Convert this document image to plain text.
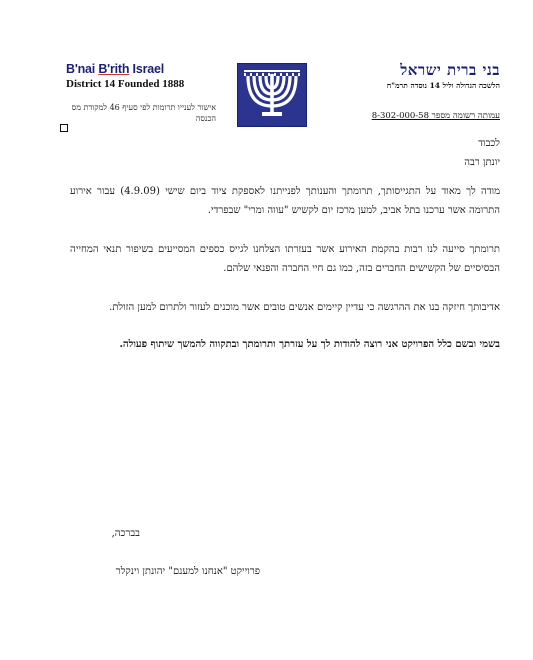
B'nai B'rith Israel
District 14 Founded 1888
אישור לענייו תרומות לפי סעיף 46 למקודת מס הכנסה
בני ברית ישראל
הלשכה הגדולה וליל 14 נוסדה תרמ"ח
עמותה רשומה מספר 8-302-000-58

לכבוד

יונתן רבה

מודה לך מאוד על התגייסותך, תרומתך והענותך לפנייתנו לאספקת ציוד ביום שישי (4.9.09) עבור אירוע התרומה אשר ערכנו בתל אביב, למען מרכז יום לקשיש "עווה ומרי" שבפרדי.

תרומתך סייעה לנו רבות בהקמת האירוע אשר בעזרתו הצלחנו לגייס כספים המסייעים בשיפור תנאי המחייה הבסיסיים של הקשישים החברים בזה, כמו גם חיי החברה והפנאי שלהם.

אדיבותך חיזקה בנו את ההרגשה כי עדיין קיימים אנשים טובים אשר מוכנים לעזור ולתרום למען הזולת.

בשמי ובשם כלל הפרויקט אני רוצה להודות לך על עזרתך ותרומתך ובתקווה להמשך שיתוף פעולה.

בברכה,
פרוייקט "אנחנו למענם" יהונתן וינקלר
